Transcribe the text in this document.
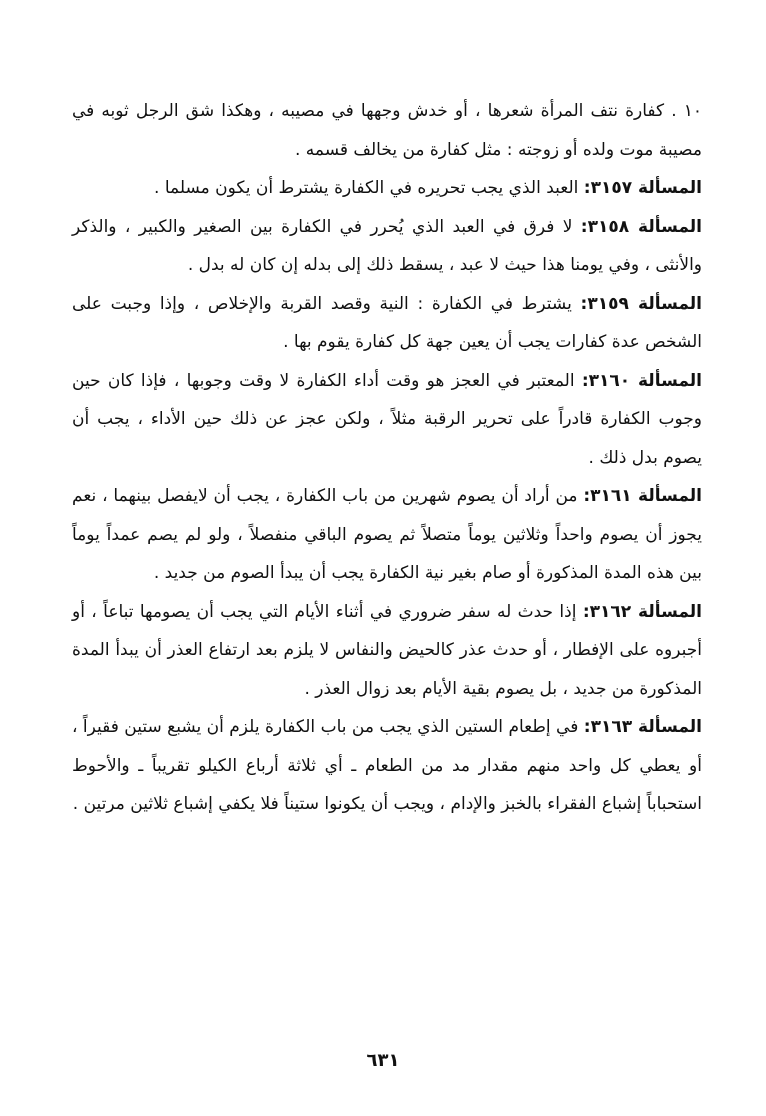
١٠ . كفارة نتف المرأة شعرها ، أو خدش وجهها في مصيبه ، وهكذا شق الرجل ثوبه في مصيبة موت ولده أو زوجته : مثل كفارة من يخالف قسمه .

المسألة ٣١٥٧: العبد الذي يجب تحريره في الكفارة يشترط أن يكون مسلما .

المسألة ٣١٥٨: لا فرق في العبد الذي يُحرر في الكفارة بين الصغير والكبير ، والذكر والأنثى ، وفي يومنا هذا حيث لا عبد ، يسقط ذلك إلى بدله إن كان له بدل .

المسألة ٣١٥٩: يشترط في الكفارة : النية وقصد القربة والإخلاص ، وإذا وجبت على الشخص عدة كفارات يجب أن يعين جهة كل كفارة يقوم بها .

المسألة ٣١٦٠: المعتبر في العجز هو وقت أداء الكفارة لا وقت وجوبها ، فإذا كان حين وجوب الكفارة قادراً على تحرير الرقبة مثلاً ، ولكن عجز عن ذلك حين الأداء ، يجب أن يصوم بدل ذلك .

المسألة ٣١٦١: من أراد أن يصوم شهرين من باب الكفارة ، يجب أن لايفصل بينهما ، نعم يجوز أن يصوم واحداً وثلاثين يوماً متصلاً ثم يصوم الباقي منفصلاً ، ولو لم يصم عمداً يوماً بين هذه المدة المذكورة أو صام بغير نية الكفارة يجب أن يبدأ الصوم من جديد .

المسألة ٣١٦٢: إذا حدث له سفر ضروري في أثناء الأيام التي يجب أن يصومها تباعاً ، أو أجبروه على الإفطار ، أو حدث عذر كالحيض والنفاس لا يلزم بعد ارتفاع العذر أن يبدأ المدة المذكورة من جديد ، بل يصوم بقية الأيام بعد زوال العذر .

المسألة ٣١٦٣: في إطعام الستين الذي يجب من باب الكفارة يلزم أن يشبع ستين فقيراً ، أو يعطي كل واحد منهم مقدار مد من الطعام ـ أي ثلاثة أرباع الكيلو تقريباً ـ والأحوط استحباباً إشباع الفقراء بالخبز والإدام ، ويجب أن يكونوا ستيناً فلا يكفي إشباع ثلاثين مرتين .

٦٣١
